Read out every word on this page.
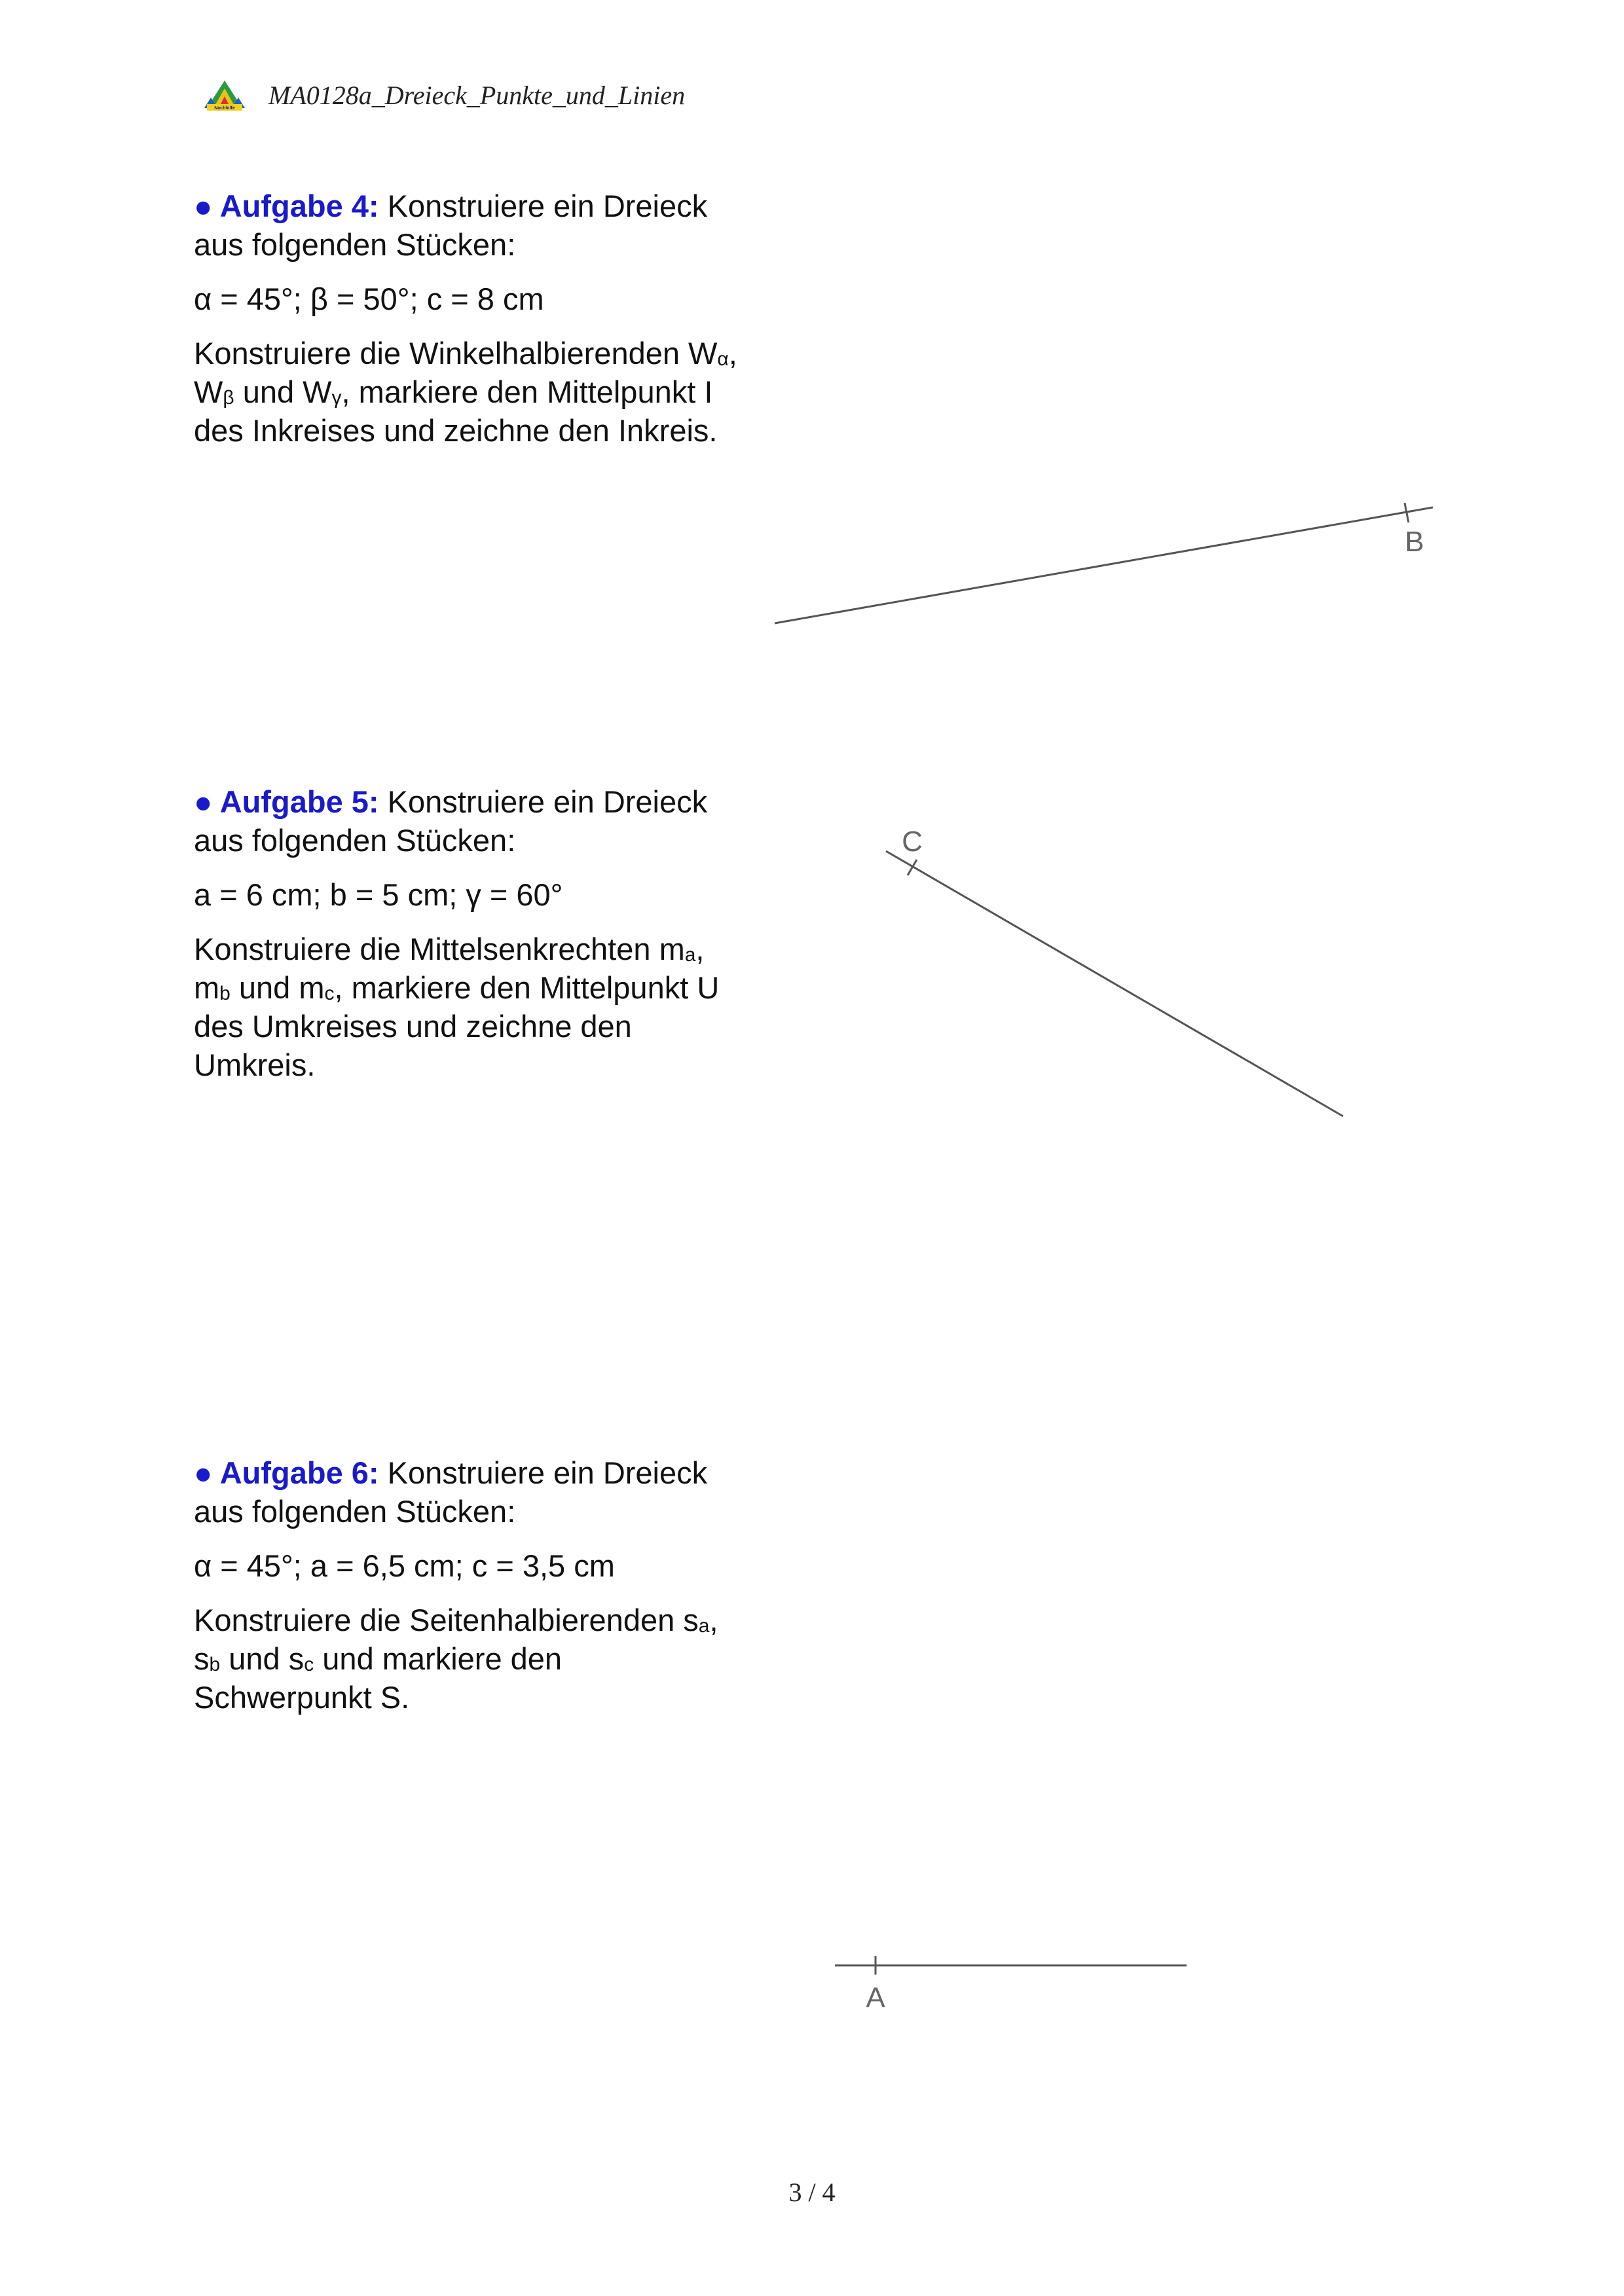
Nachhilfe MA0128a_Dreieck_Punkte_und_Linien

● Aufgabe 4: Konstruiere ein Dreieck aus folgenden Stücken:

α = 45°; β = 50°; c = 8 cm

Konstruiere die Winkelhalbierenden $W_\alpha$, $W_\beta$ und $W_\gamma$, markiere den Mittelpunkt I des Inkreises und zeichne den Inkreis.

● Aufgabe 5: Konstruiere ein Dreieck aus folgenden Stücken:

a = 6 cm; b = 5 cm; γ = 60°

Konstruiere die Mittelsenkrechten $m_a$, $m_b$ und $m_c$, markiere den Mittelpunkt U des Umkreises und zeichne den Umkreis.

● Aufgabe 6: Konstruiere ein Dreieck aus folgenden Stücken:

α = 45°; a = 6,5 cm; c = 3,5 cm

Konstruiere die Seitenhalbierenden $s_a$, $s_b$ und $s_c$ und markiere den Schwerpunkt S.

B
C
A
3 / 4
